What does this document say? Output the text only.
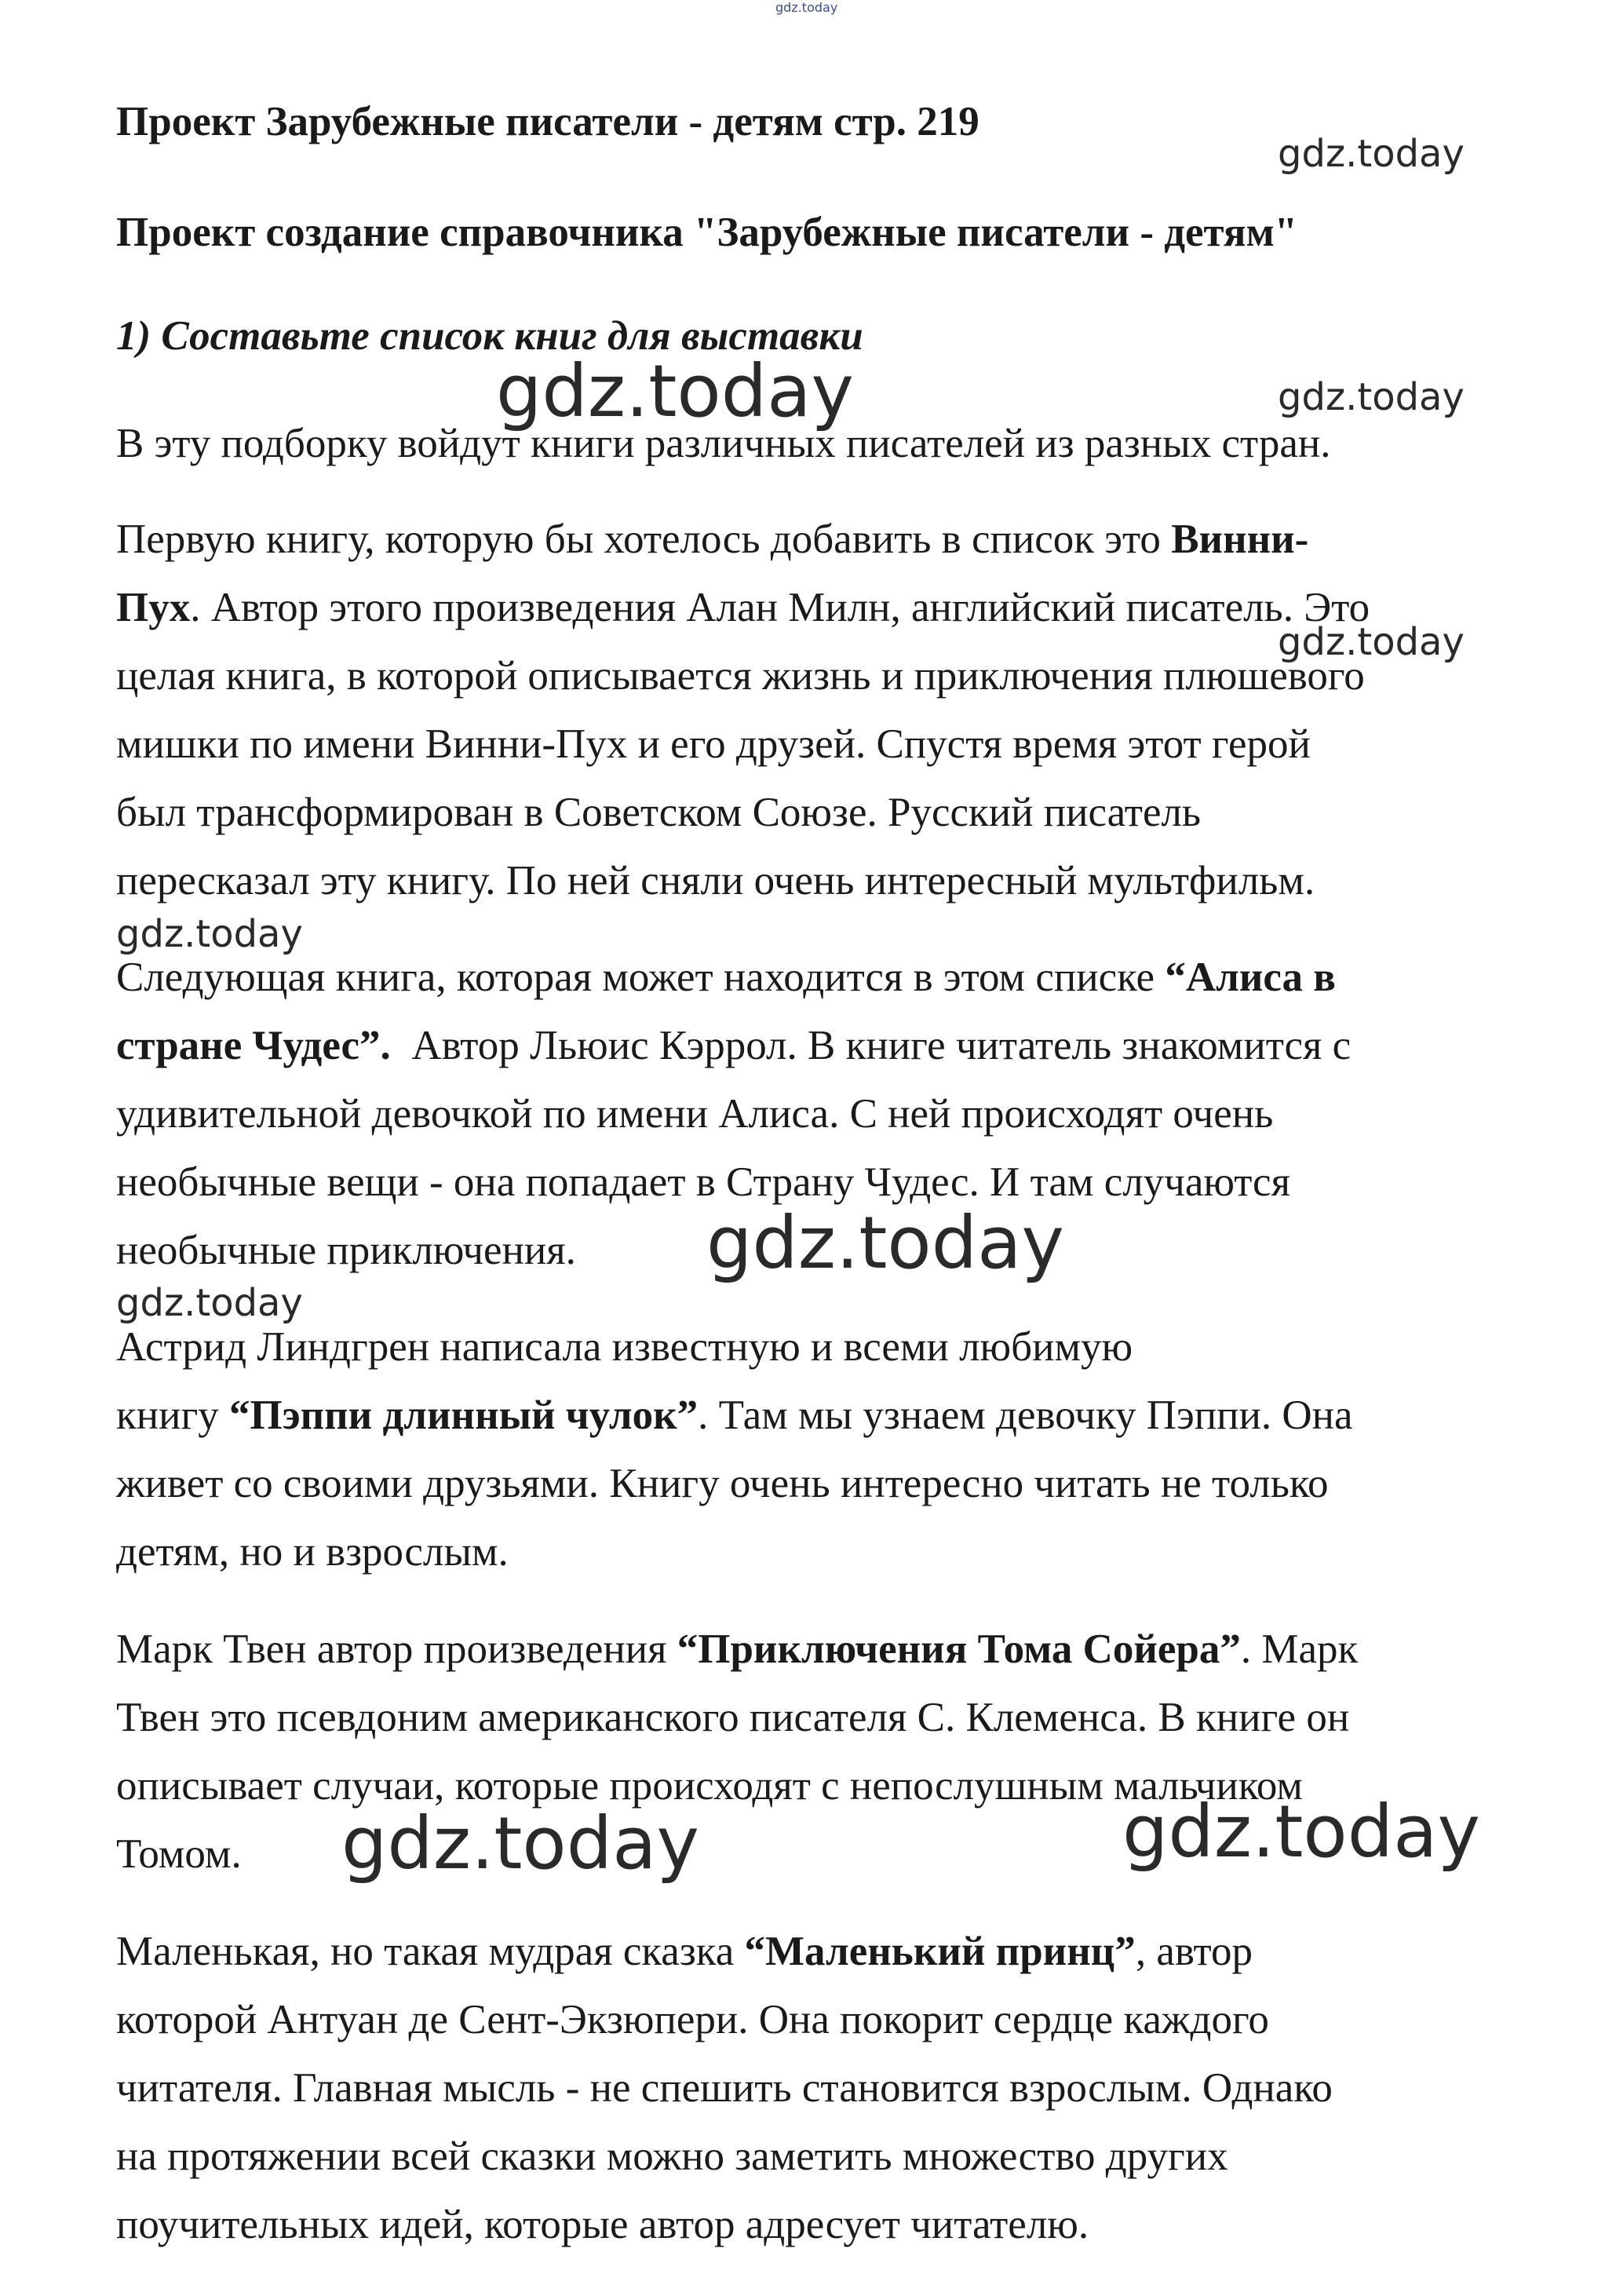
gdz.today
gdz.today
gdz.today	gdz.today
gdz.today
gdz.today
gdz.today
gdz.today
gdz.today	gdz.today
Проект Зарубежные писатели - детям стр. 219
Проект создание справочника "Зарубежные писатели - детям"
1) Составьте список книг для выставки
В эту подборку войдут книги различных писателей из разных стран.
Первую книгу, которую бы хотелось добавить в список это Винни-
Пух. Автор этого произведения Алан Милн, английский писатель. Это
целая книга, в которой описывается жизнь и приключения плюшевого
мишки по имени Винни-Пух и его друзей. Спустя время этот герой
был трансформирован в Советском Союзе. Русский писатель
пересказал эту книгу. По ней сняли очень интересный мультфильм.
Следующая книга, которая может находится в этом списке “Алиса в
стране Чудес”.  Автор Льюис Кэррол. В книге читатель знакомится с
удивительной девочкой по имени Алиса. С ней происходят очень
необычные вещи - она попадает в Страну Чудес. И там случаются
необычные приключения.
Астрид Линдгрен написала известную и всеми любимую
книгу “Пэппи длинный чулок”. Там мы узнаем девочку Пэппи. Она
живет со своими друзьями. Книгу очень интересно читать не только
детям, но и взрослым.
Марк Твен автор произведения “Приключения Тома Сойера”. Марк
Твен это псевдоним американского писателя С. Клеменса. В книге он
описывает случаи, которые происходят с непослушным мальчиком
Томом.
Маленькая, но такая мудрая сказка “Маленький принц”, автор
которой Антуан де Сент-Экзюпери. Она покорит сердце каждого
читателя. Главная мысль - не спешить становится взрослым. Однако
на протяжении всей сказки можно заметить множество других
поучительных идей, которые автор адресует читателю.
